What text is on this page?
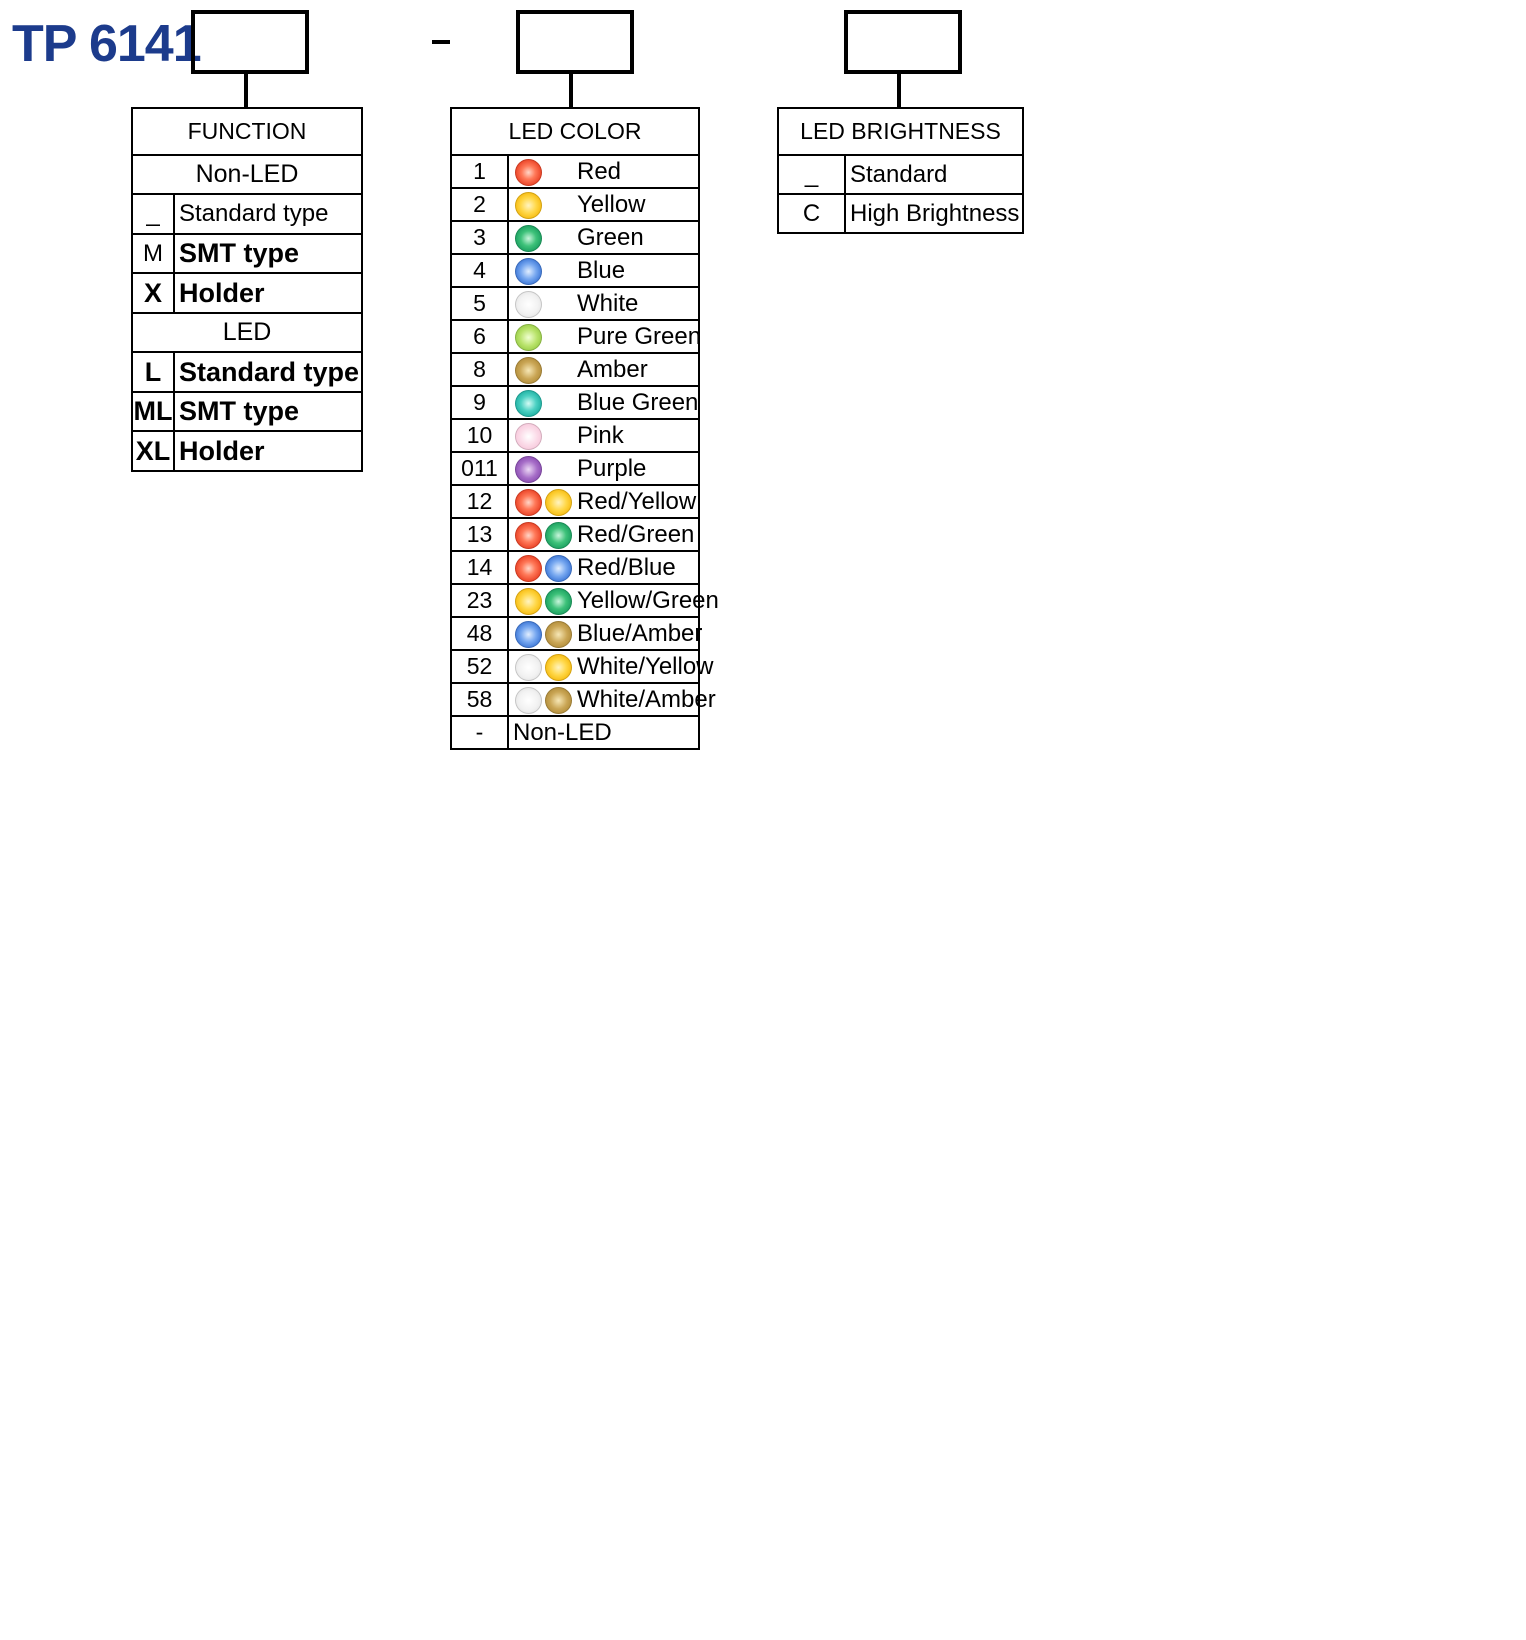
TP 6141
FUNCTION	
Non-LED	
_	Standard type
M	SMT type
X	Holder
LED	
L	Standard type
ML	SMT type
XL	Holder
LED COLOR	
1	Red
2	Yellow
3	Green
4	Blue
5	White
6	Pure Green
8	Amber
9	Blue Green
10	Pink
011	Purple
12	Red/Yellow
13	Red/Green
14	Red/Blue
23	Yellow/Green
48	Blue/Amber
52	White/Yellow
58	White/Amber
-	Non-LED
LED BRIGHTNESS	
_	Standard
C	High Brightness
